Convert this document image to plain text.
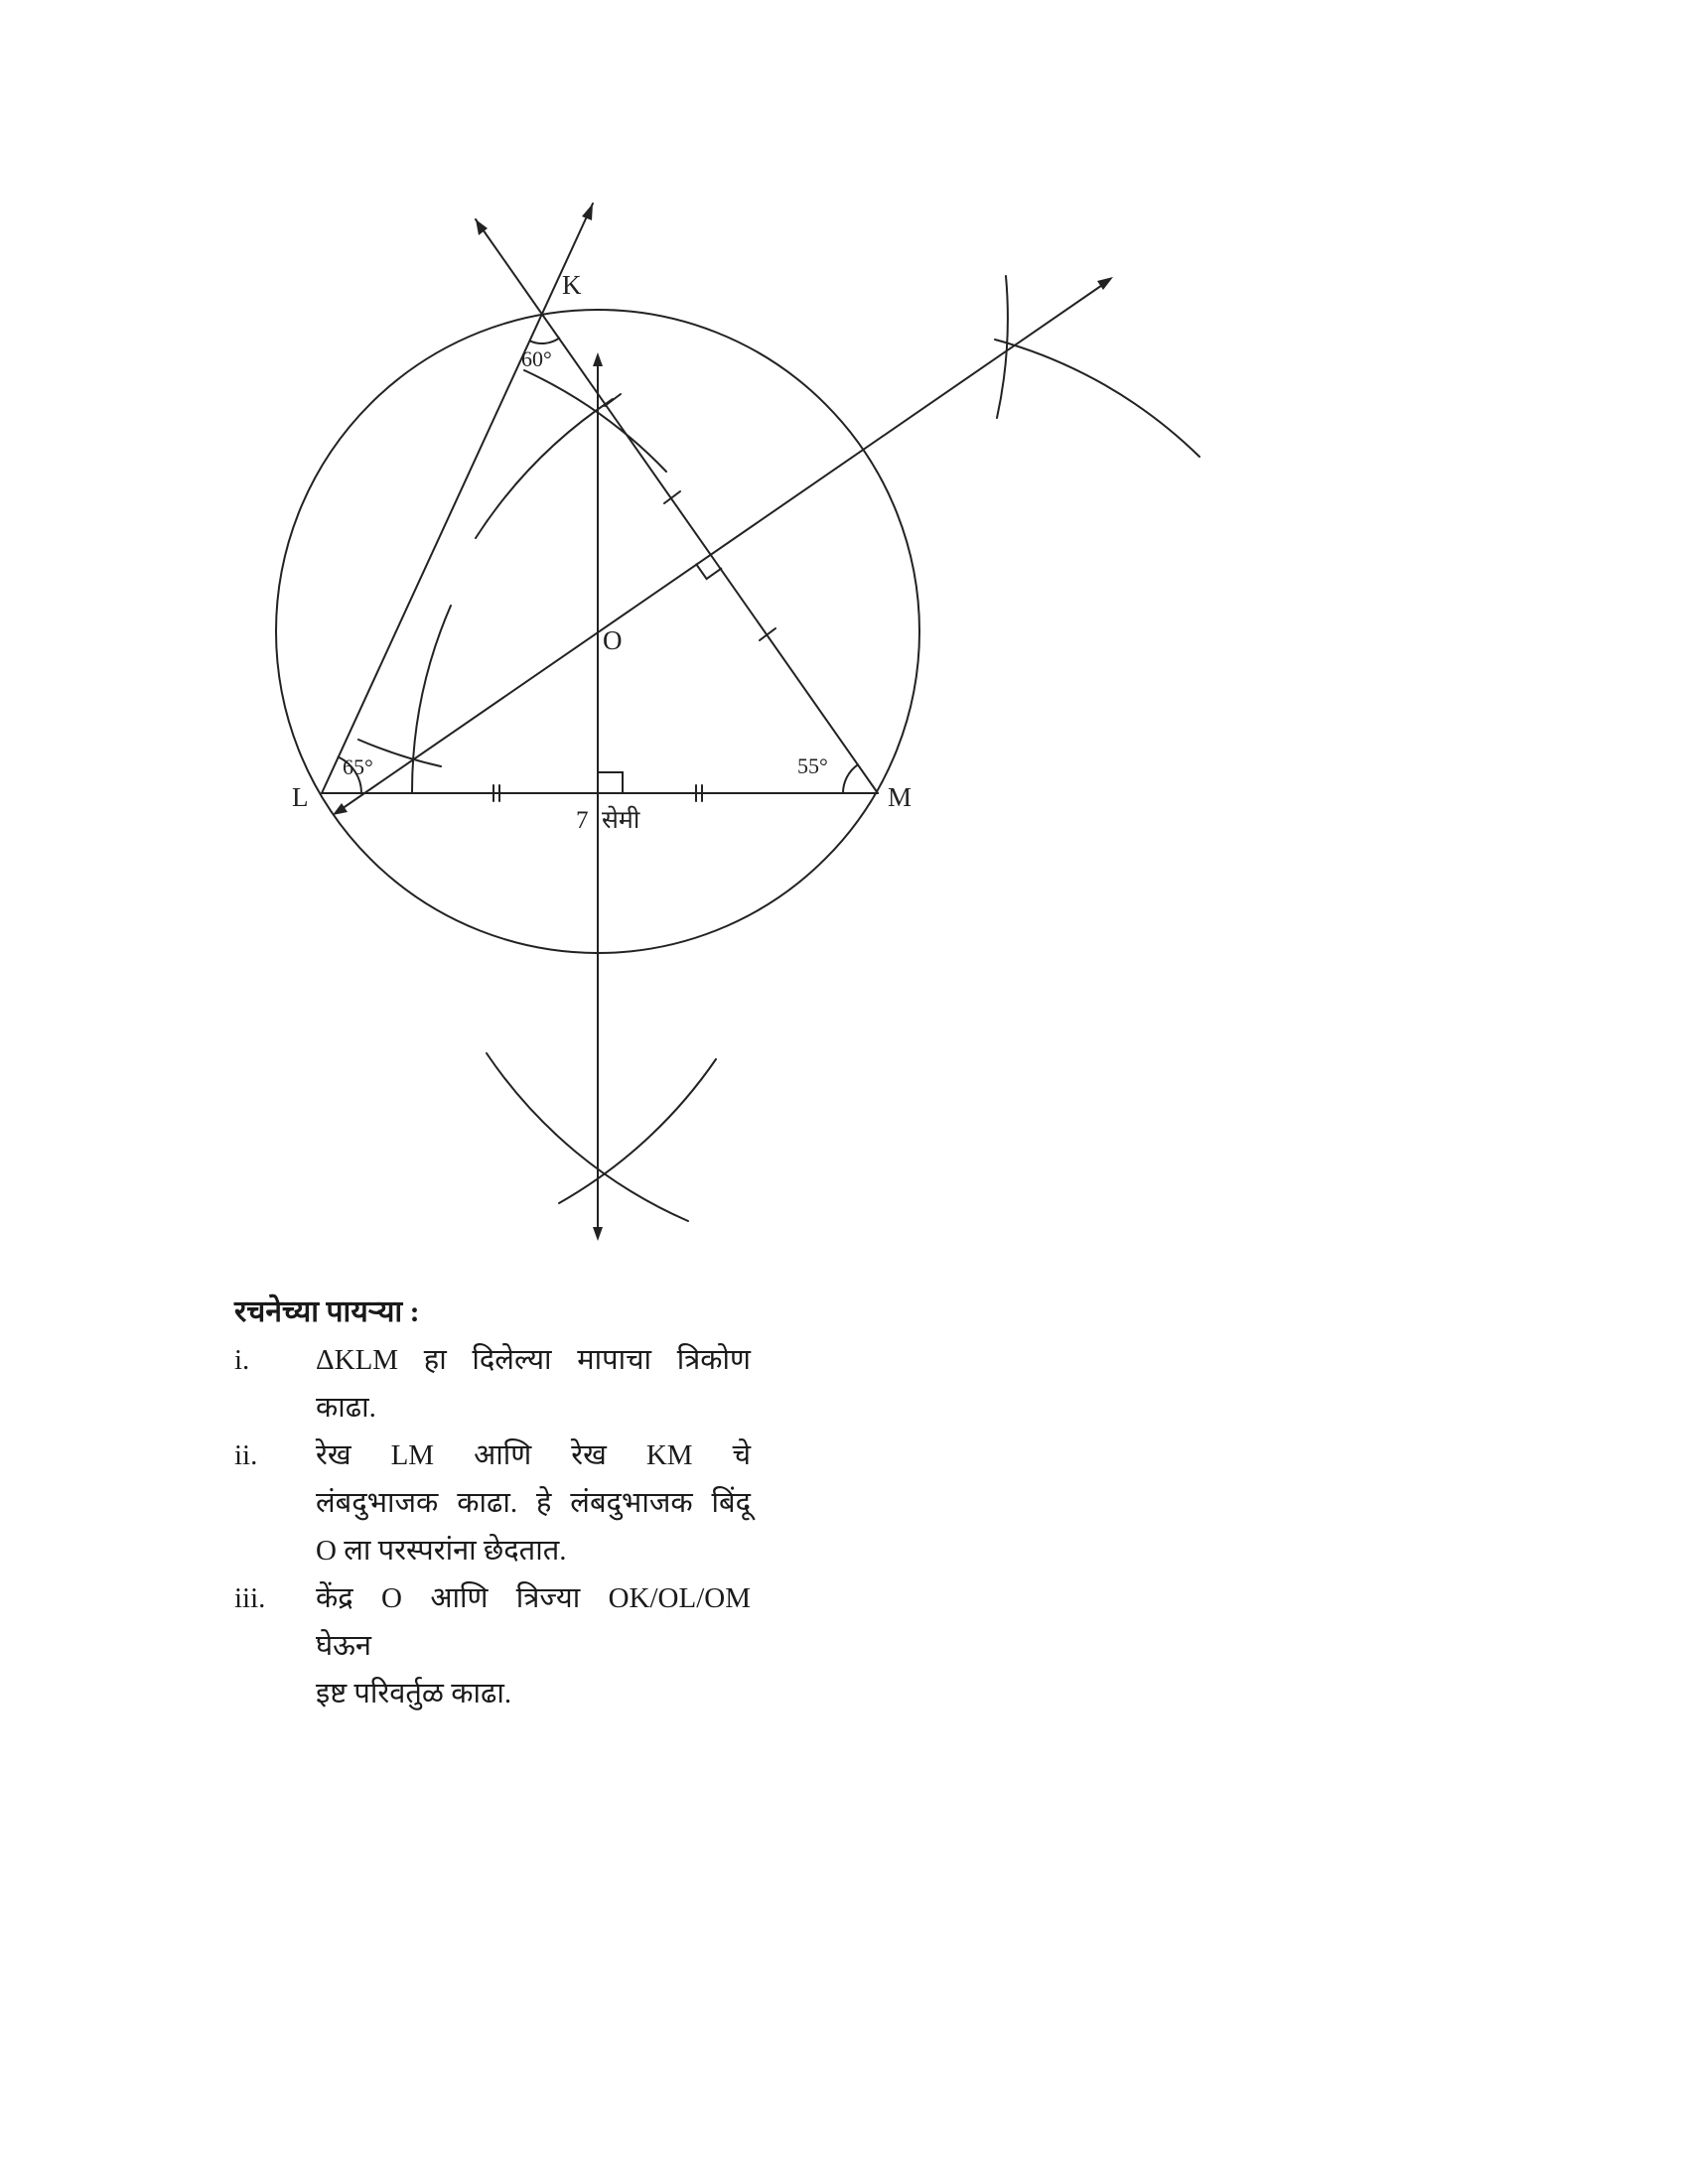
K
L	M
O
60°
65°	55°
7 सेमी
रचनेच्या पायऱ्या :
i.	ΔKLM हा दिलेल्या मापाचा त्रिकोण
काढा.
ii.	रेख LM आणि रेख KM चे
लंबदुभाजक काढा. हे लंबदुभाजक बिंदू
O ला परस्परांना छेदतात.
iii.	केंद्र O आणि त्रिज्या OK/OL/OM
घेऊन
इष्ट परिवर्तुळ काढा.
